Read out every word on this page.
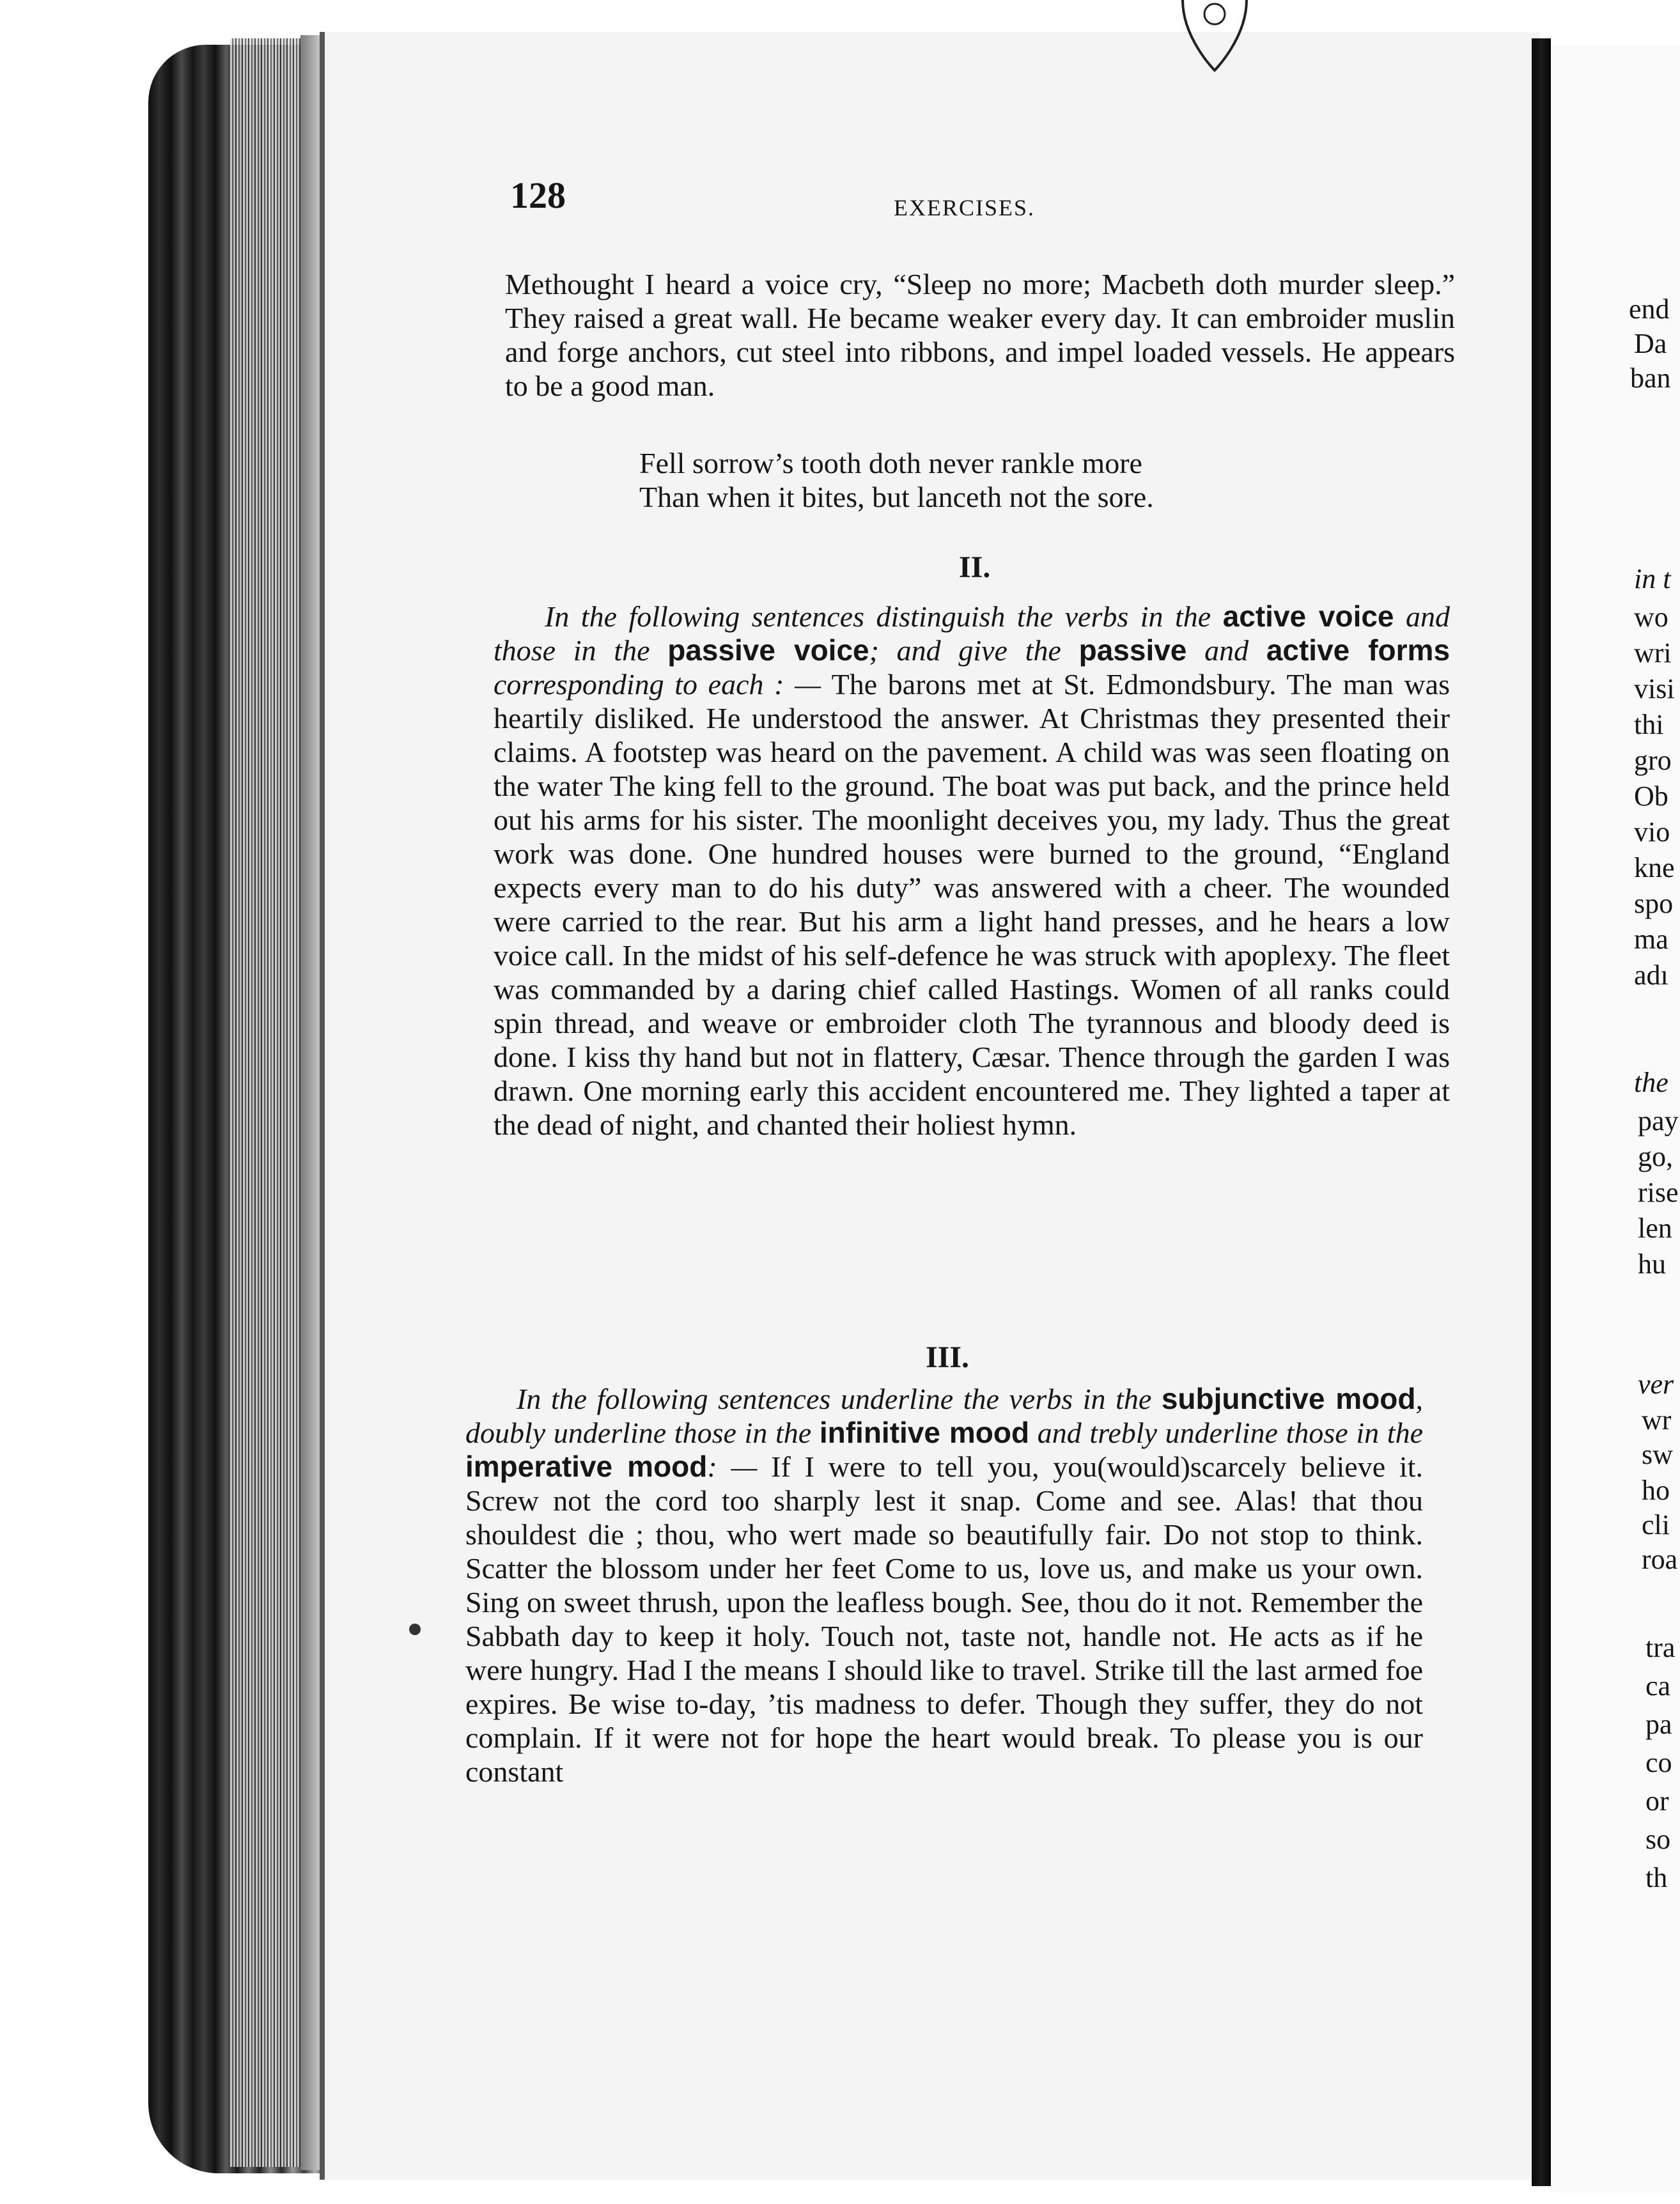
128	EXERCISES.

Methought I heard a voice cry, “Sleep no more; Macbeth doth murder sleep.” They raised a great wall. He became weaker every day. It can embroider muslin and forge anchors, cut steel into ribbons, and impel loaded vessels. He appears to be a good man.

Fell sorrow’s tooth doth never rankle more
Than when it bites, but lanceth not the sore.
II.

In the following sentences distinguish the verbs in the active voice and those in the passive voice; and give the passive and active forms corresponding to each : — The barons met at St. Edmondsbury. The man was heartily disliked. He understood the answer. At Christmas they presented their claims. A footstep was heard on the pavement. A child was was seen floating on the water The king fell to the ground. The boat was put back, and the prince held out his arms for his sister. The moonlight deceives you, my lady. Thus the great work was done. One hundred houses were burned to the ground, “England expects every man to do his duty” was answered with a cheer. The wounded were carried to the rear. But his arm a light hand presses, and he hears a low voice call. In the midst of his self-defence he was struck with apoplexy. The fleet was commanded by a daring chief called Hastings. Women of all ranks could spin thread, and weave or embroider cloth The tyrannous and bloody deed is done. I kiss thy hand but not in flattery, Cæsar. Thence through the garden I was drawn. One morning early this accident encountered me. They lighted a taper at the dead of night, and chanted their holiest hymn.

III.

In the following sentences underline the verbs in the subjunctive mood, doubly underline those in the infinitive mood and trebly underline those in the imperative mood: — If I were to tell you, you(would)scarcely believe it. Screw not the cord too sharply lest it snap. Come and see. Alas! that thou shouldest die ; thou, who wert made so beautifully fair. Do not stop to think. Scatter the blossom under her feet Come to us, love us, and make us your own. Sing on sweet thrush, upon the leafless bough. See, thou do it not. Remember the Sabbath day to keep it holy. Touch not, taste not, handle not. He acts as if he were hungry. Had I the means I should like to travel. Strike till the last armed foe expires. Be wise to-day, ’tis madness to defer. Though they suffer, they do not complain. If it were not for hope the heart would break. To please you is our constant

end
Da
ban
in t
wo
wri
visi
thi
gro
Ob
vio
kne
spo
ma
adı
the
pay
go,
rise
len
hu
ver
wr
sw
ho
cli
roa
tra
ca
pa
co
or
so
th
